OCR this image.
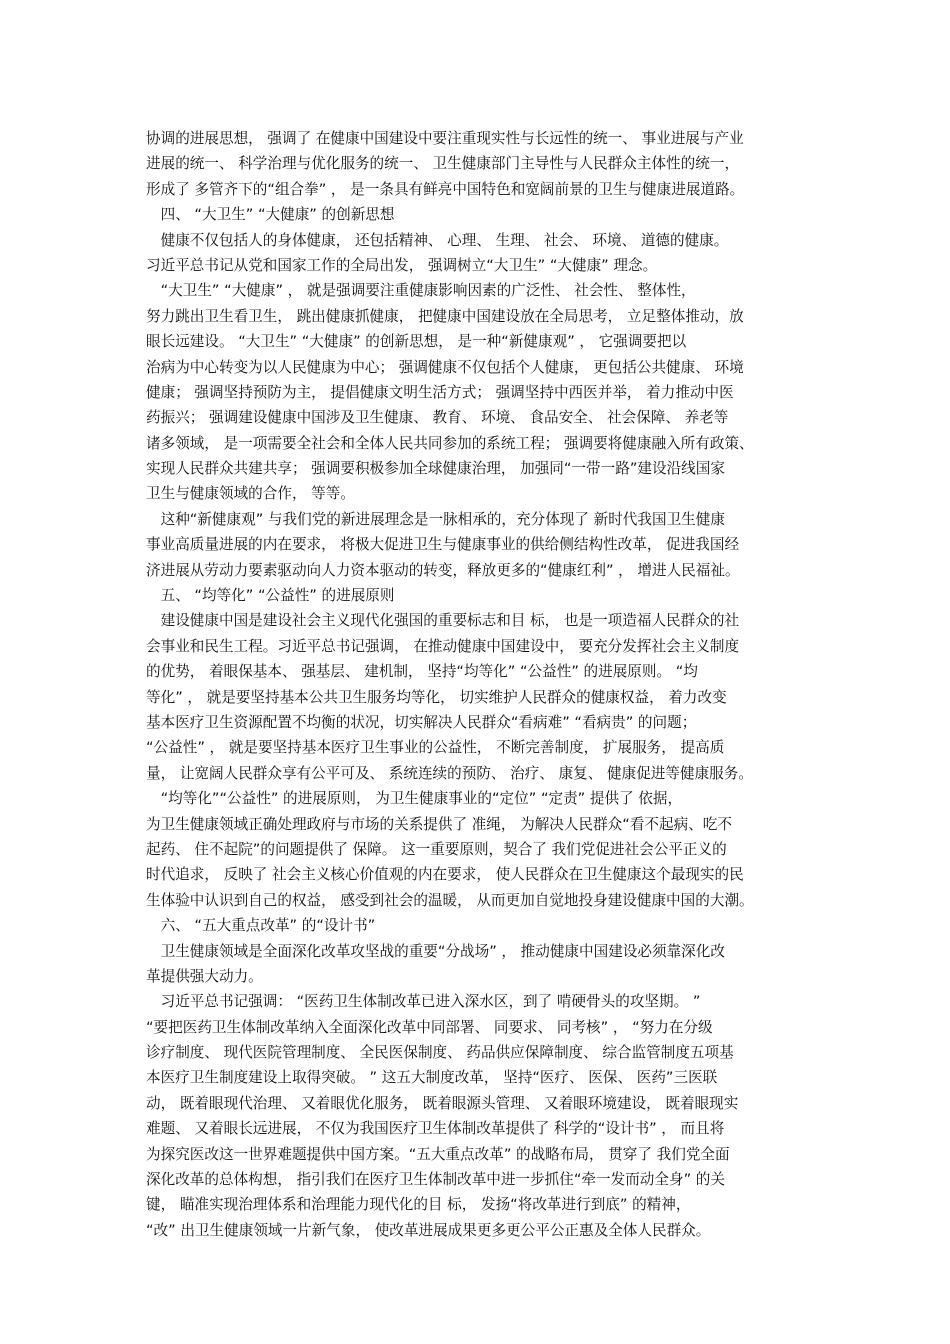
协调的进展思想， 强调了 在健康中国建设中要注重现实性与长远性的统一、 事业进展与产业
进展的统一、 科学治理与优化服务的统一、 卫生健康部门主导性与人民群众主体性的统一，
形成了 多管齐下的“组合拳” ， 是一条具有鲜亮中国特色和宽阔前景的卫生与健康进展道路。
　四、 “大卫生” “大健康” 的创新思想
　健康不仅包括人的身体健康， 还包括精神、 心理、 生理、 社会、 环境、 道德的健康。
习近平总书记从党和国家工作的全局出发， 强调树立“大卫生” “大健康” 理念。
　“大卫生” “大健康” ， 就是强调要注重健康影响因素的广泛性、 社会性、 整体性，
努力跳出卫生看卫生， 跳出健康抓健康， 把健康中国建设放在全局思考， 立足整体推动，放
眼长远建设。 “大卫生” “大健康” 的创新思想， 是一种“新健康观” ， 它强调要把以
治病为中心转变为以人民健康为中心； 强调健康不仅包括个人健康， 更包括公共健康、 环境
健康； 强调坚持预防为主， 提倡健康文明生活方式； 强调坚持中西医并举， 着力推动中医
药振兴； 强调建设健康中国涉及卫生健康、 教育、 环境、 食品安全、 社会保障、 养老等
诸多领域， 是一项需要全社会和全体人民共同参加的系统工程； 强调要将健康融入所有政策、
实现人民群众共建共享； 强调要积极参加全球健康治理， 加强同“一带一路”建设沿线国家
卫生与健康领域的合作， 等等。
　这种“新健康观” 与我们党的新进展理念是一脉相承的，充分体现了 新时代我国卫生健康
事业高质量进展的内在要求， 将极大促进卫生与健康事业的供给侧结构性改革， 促进我国经
济进展从劳动力要素驱动向人力资本驱动的转变，释放更多的“健康红利” ， 增进人民福祉。
　五、 “均等化” “公益性” 的进展原则
　建设健康中国是建设社会主义现代化强国的重要标志和目 标， 也是一项造福人民群众的社
会事业和民生工程。习近平总书记强调， 在推动健康中国建设中， 要充分发挥社会主义制度
的优势， 着眼保基本、 强基层、 建机制， 坚持“均等化” “公益性” 的进展原则。 “均
等化” ， 就是要坚持基本公共卫生服务均等化， 切实维护人民群众的健康权益， 着力改变
基本医疗卫生资源配置不均衡的状况，切实解决人民群众“看病难” “看病贵” 的问题；
“公益性” ， 就是要坚持基本医疗卫生事业的公益性， 不断完善制度， 扩展服务， 提高质
量， 让宽阔人民群众享有公平可及、 系统连续的预防、 治疗、 康复、 健康促进等健康服务。
　“均等化”“公益性” 的进展原则， 为卫生健康事业的“定位” “定责” 提供了 依据，
为卫生健康领域正确处理政府与市场的关系提供了 准绳， 为解决人民群众“看不起病、吃不
起药、 住不起院”的问题提供了 保障。 这一重要原则，契合了 我们党促进社会公平正义的
时代追求， 反映了 社会主义核心价值观的内在要求， 使人民群众在卫生健康这个最现实的民
生体验中认识到自己的权益， 感受到社会的温暖， 从而更加自觉地投身建设健康中国的大潮。
　六、 “五大重点改革” 的“设计书”
　卫生健康领域是全面深化改革攻坚战的重要“分战场” ， 推动健康中国建设必须靠深化改
革提供强大动力。
　习近平总书记强调： “医药卫生体制改革已进入深水区，到了 啃硬骨头的攻坚期。 ”
“要把医药卫生体制改革纳入全面深化改革中同部署、 同要求、 同考核” ， “努力在分级
诊疗制度、 现代医院管理制度、 全民医保制度、 药品供应保障制度、 综合监管制度五项基
本医疗卫生制度建设上取得突破。 ” 这五大制度改革， 坚持“医疗、 医保、 医药”三医联
动， 既着眼现代治理、 又着眼优化服务， 既着眼源头管理、 又着眼环境建设， 既着眼现实
难题、 又着眼长远进展， 不仅为我国医疗卫生体制改革提供了 科学的“设计书” ， 而且将
为探究医改这一世界难题提供中国方案。“五大重点改革” 的战略布局， 贯穿了 我们党全面
深化改革的总体构想， 指引我们在医疗卫生体制改革中进一步抓住“牵一发而动全身” 的关
键， 瞄准实现治理体系和治理能力现代化的目 标， 发扬“将改革进行到底” 的精神，
“改” 出卫生健康领域一片新气象， 使改革进展成果更多更公平公正惠及全体人民群众。
